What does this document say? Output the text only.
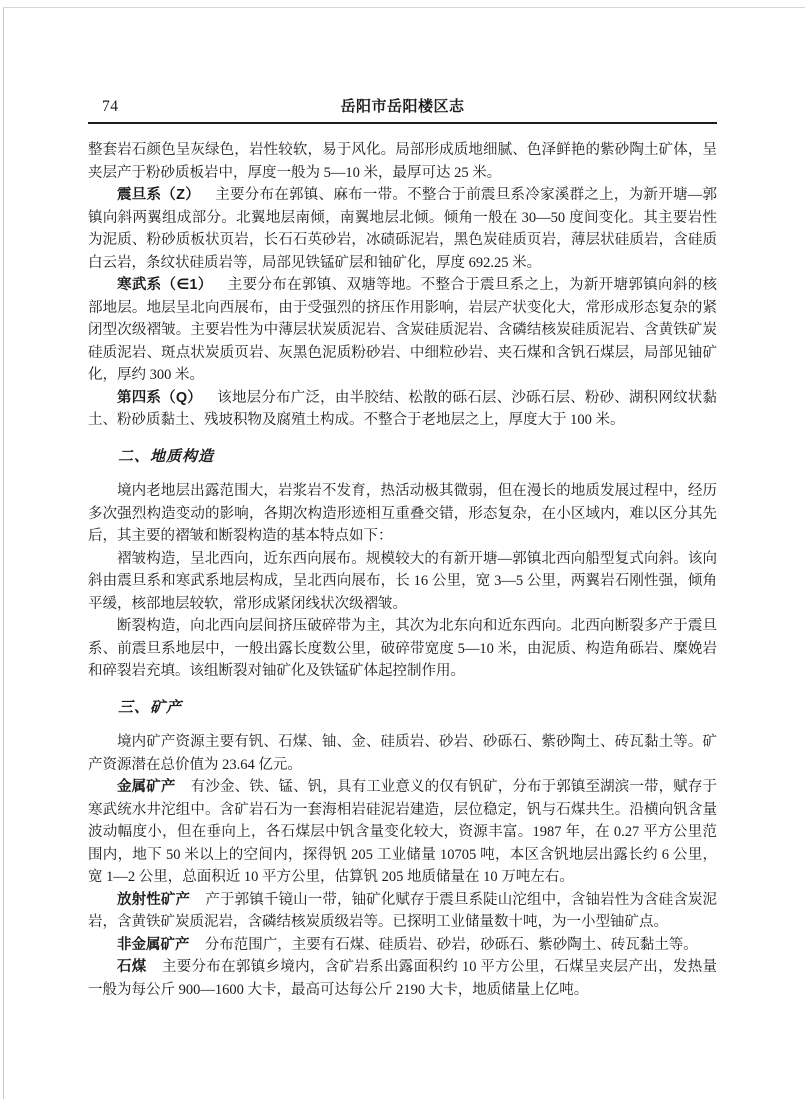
74	岳阳市岳阳楼区志

整套岩石颜色呈灰绿色，岩性较软，易于风化。局部形成质地细腻、色泽鲜艳的紫砂陶土矿体，呈夹层产于粉砂质板岩中，厚度一般为 5—10 米，最厚可达 25 米。

震旦系（Z） 主要分布在郭镇、麻布一带。不整合于前震旦系冷家溪群之上，为新开塘—郭镇向斜两翼组成部分。北翼地层南倾，南翼地层北倾。倾角一般在 30—50 度间变化。其主要岩性为泥质、粉砂质板状页岩，长石石英砂岩，冰碛砾泥岩，黑色炭硅质页岩，薄层状硅质岩，含硅质白云岩，条纹状硅质岩等，局部见铁锰矿层和铀矿化，厚度 692.25 米。

寒武系（∈1） 主要分布在郭镇、双塘等地。不整合于震旦系之上，为新开塘郭镇向斜的核部地层。地层呈北向西展布，由于受强烈的挤压作用影响，岩层产状变化大，常形成形态复杂的紧闭型次级褶皱。主要岩性为中薄层状炭质泥岩、含炭硅质泥岩、含磷结核炭硅质泥岩、含黄铁矿炭硅质泥岩、斑点状炭质页岩、灰黑色泥质粉砂岩、中细粒砂岩、夹石煤和含钒石煤层，局部见铀矿化，厚约 300 米。

第四系（Q） 该地层分布广泛，由半胶结、松散的砾石层、沙砾石层、粉砂、湖积网纹状黏土、粉砂质黏土、残坡积物及腐殖土构成。不整合于老地层之上，厚度大于 100 米。

二、地质构造

境内老地层出露范围大，岩浆岩不发育，热活动极其微弱，但在漫长的地质发展过程中，经历多次强烈构造变动的影响，各期次构造形迹相互重叠交错，形态复杂，在小区域内，难以区分其先后，其主要的褶皱和断裂构造的基本特点如下：

褶皱构造，呈北西向，近东西向展布。规模较大的有新开塘—郭镇北西向船型复式向斜。该向斜由震旦系和寒武系地层构成，呈北西向展布，长 16 公里，宽 3—5 公里，两翼岩石刚性强，倾角平缓，核部地层较软，常形成紧闭线状次级褶皱。

断裂构造，向北西向层间挤压破碎带为主，其次为北东向和近东西向。北西向断裂多产于震旦系、前震旦系地层中，一般出露长度数公里，破碎带宽度 5—10 米，由泥质、构造角砾岩、糜娩岩和碎裂岩充填。该组断裂对铀矿化及铁锰矿体起控制作用。

三、矿产

境内矿产资源主要有钒、石煤、铀、金、硅质岩、砂岩、砂砾石、紫砂陶土、砖瓦黏土等。矿产资源潜在总价值为 23.64 亿元。

金属矿产 有沙金、铁、锰、钒，具有工业意义的仅有钒矿，分布于郭镇至湖滨一带，赋存于寒武统水井沱组中。含矿岩石为一套海相岩硅泥岩建造，层位稳定，钒与石煤共生。沿横向钒含量波动幅度小，但在垂向上，各石煤层中钒含量变化较大，资源丰富。1987 年，在 0.27 平方公里范围内，地下 50 米以上的空间内，探得钒 205 工业储量 10705 吨，本区含钒地层出露长约 6 公里，宽 1—2 公里，总面积近 10 平方公里，估算钒 205 地质储量在 10 万吨左右。

放射性矿产 产于郭镇千镜山一带，铀矿化赋存于震旦系陡山沱组中，含铀岩性为含硅含炭泥岩，含黄铁矿炭质泥岩，含磷结核炭质级岩等。已探明工业储量数十吨，为一小型铀矿点。

非金属矿产 分布范围广，主要有石煤、硅质岩、砂岩，砂砾石、紫砂陶土、砖瓦黏土等。

石煤 主要分布在郭镇乡境内，含矿岩系出露面积约 10 平方公里，石煤呈夹层产出，发热量一般为每公斤 900—1600 大卡，最高可达每公斤 2190 大卡，地质储量上亿吨。
